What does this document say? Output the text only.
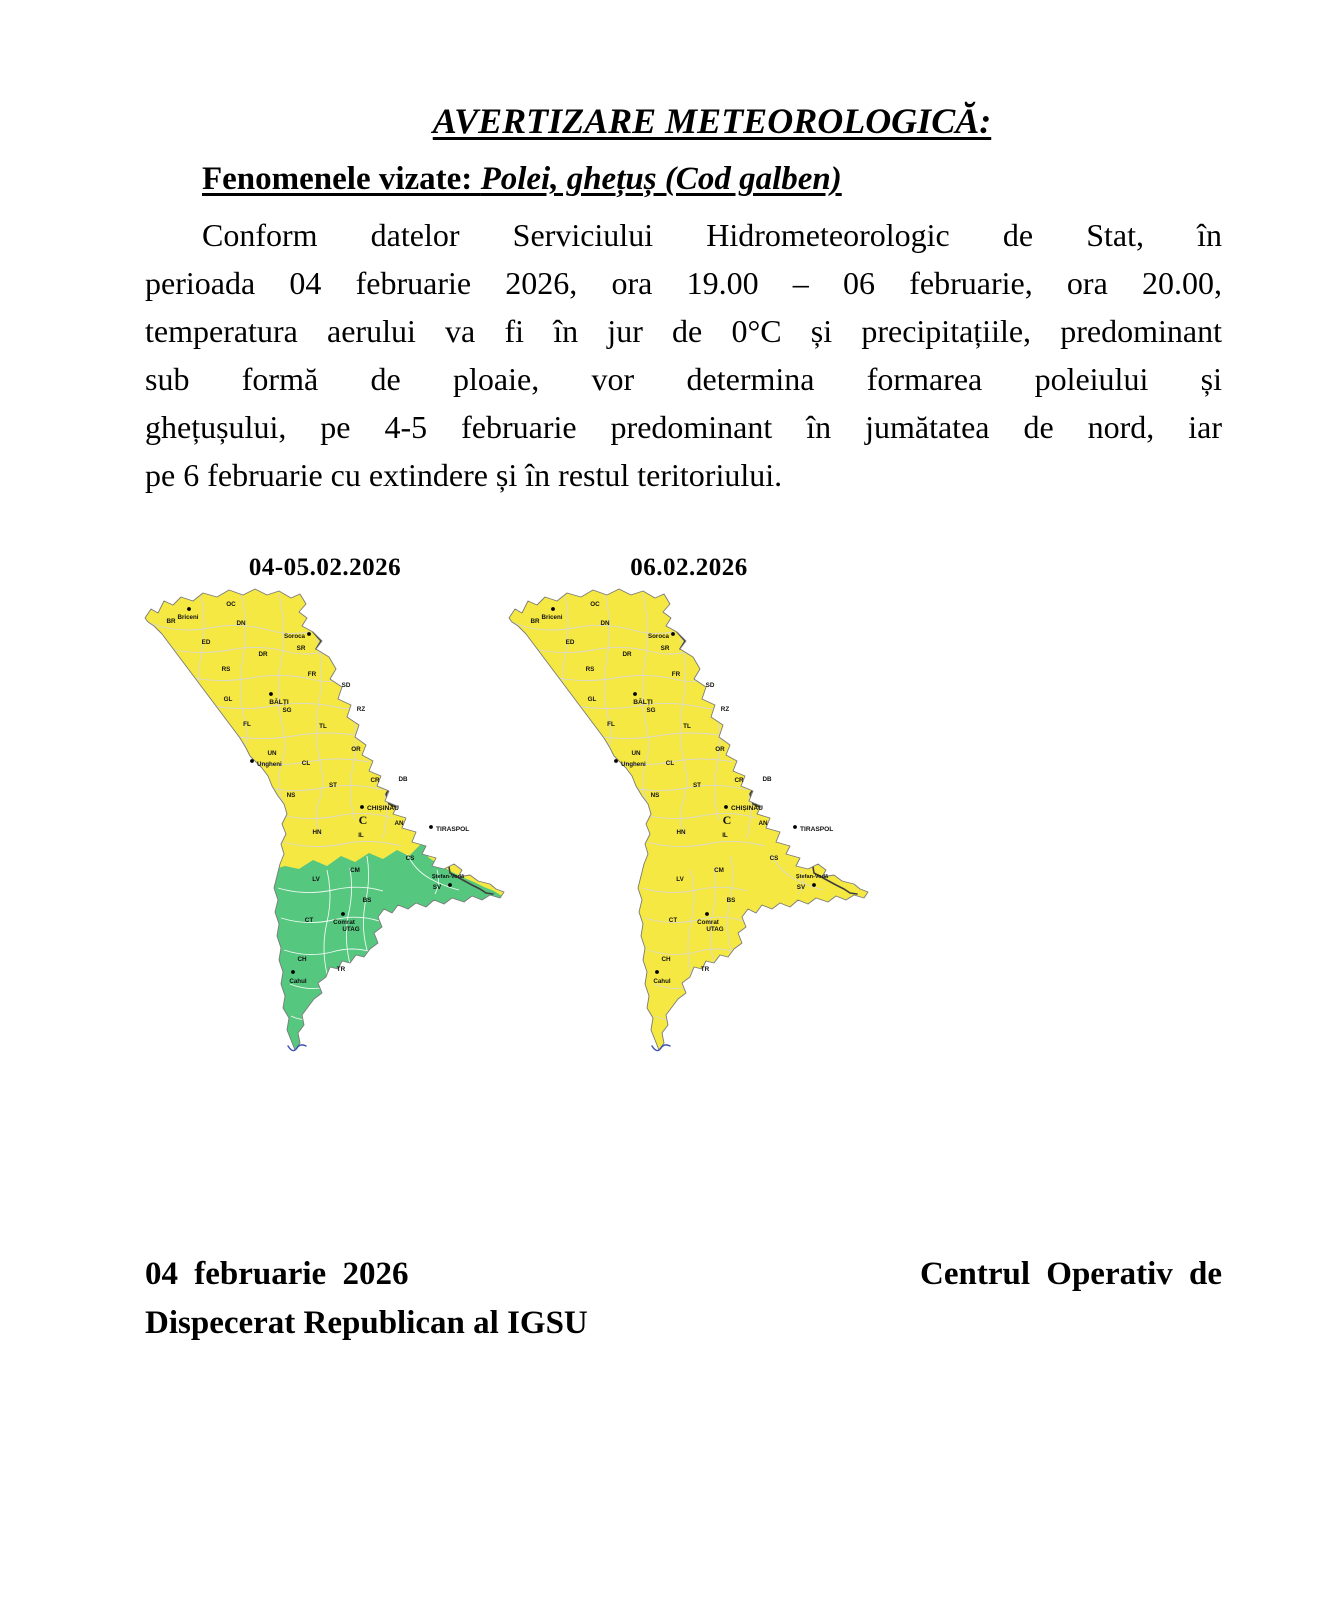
AVERTIZARE METEOROLOGICĂ:
Fenomenele vizate: Polei, ghețuș (Cod galben)
Conform datelor Serviciului Hidrometeorologic de Stat, în
perioada 04 februarie 2026, ora 19.00 – 06 februarie, ora 20.00,
temperatura aerului va fi în jur de 0°C și precipitațiile, predominant
sub formă de ploaie, vor determina formarea poleiului și
ghețușului, pe 4-5 februarie predominant în jumătatea de nord, iar
pe 6 februarie cu extindere și în restul teritoriului.
04-05.02.2026
BR
OC
DN
ED
SR
DR
RS
FR
SD
GL
SG	RZ
FL	TL
UN
CL
OR
CR	DB
ST
NS
AN
HN	IL
CS
CM
LV
SV
BS
CT
UTAG
CH
TR
C
Briceni
Soroca
BĂLȚI
Ungheni
CHIȘINĂU
TIRASPOL
Ștefan-Vodă
Comrat
Cahul
06.02.2026
BR
OC
DN
ED
SR
DR
RS
FR
SD
GL
SG	RZ
FL	TL
UN
CL
OR
CR	DB
ST
NS
AN
HN	IL
CS
CM
LV
SV
BS
CT
UTAG
CH
TR
C
Briceni
Soroca
BĂLȚI
Ungheni
CHIȘINĂU
TIRASPOL
Ștefan-Vodă
Comrat
Cahul
04 februarie 2026	Centrul Operativ de
Dispecerat Republican al IGSU
